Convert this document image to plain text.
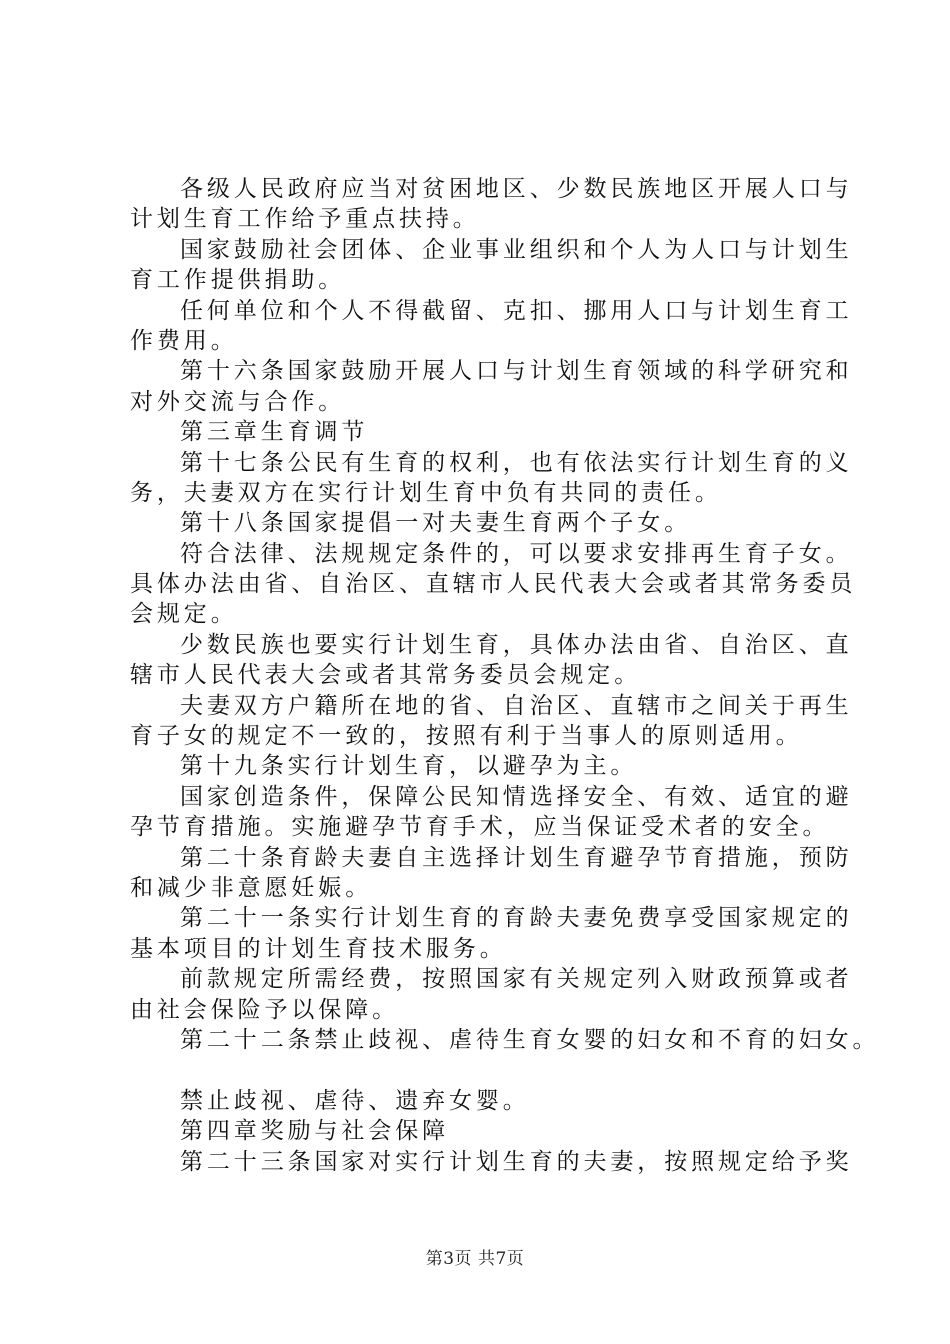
各级人民政府应当对贫困地区、少数民族地区开展人口与
计划生育工作给予重点扶持。
国家鼓励社会团体、企业事业组织和个人为人口与计划生
育工作提供捐助。
任何单位和个人不得截留、克扣、挪用人口与计划生育工
作费用。
第十六条国家鼓励开展人口与计划生育领域的科学研究和
对外交流与合作。
第三章生育调节
第十七条公民有生育的权利，也有依法实行计划生育的义
务，夫妻双方在实行计划生育中负有共同的责任。
第十八条国家提倡一对夫妻生育两个子女。
符合法律、法规规定条件的，可以要求安排再生育子女。
具体办法由省、自治区、直辖市人民代表大会或者其常务委员
会规定。
少数民族也要实行计划生育，具体办法由省、自治区、直
辖市人民代表大会或者其常务委员会规定。
夫妻双方户籍所在地的省、自治区、直辖市之间关于再生
育子女的规定不一致的，按照有利于当事人的原则适用。
第十九条实行计划生育，以避孕为主。
国家创造条件，保障公民知情选择安全、有效、适宜的避
孕节育措施。实施避孕节育手术，应当保证受术者的安全。
第二十条育龄夫妻自主选择计划生育避孕节育措施，预防
和减少非意愿妊娠。
第二十一条实行计划生育的育龄夫妻免费享受国家规定的
基本项目的计划生育技术服务。
前款规定所需经费，按照国家有关规定列入财政预算或者
由社会保险予以保障。
第二十二条禁止歧视、虐待生育女婴的妇女和不育的妇女。
禁止歧视、虐待、遗弃女婴。
第四章奖励与社会保障
第二十三条国家对实行计划生育的夫妻，按照规定给予奖
第3页 共7页
